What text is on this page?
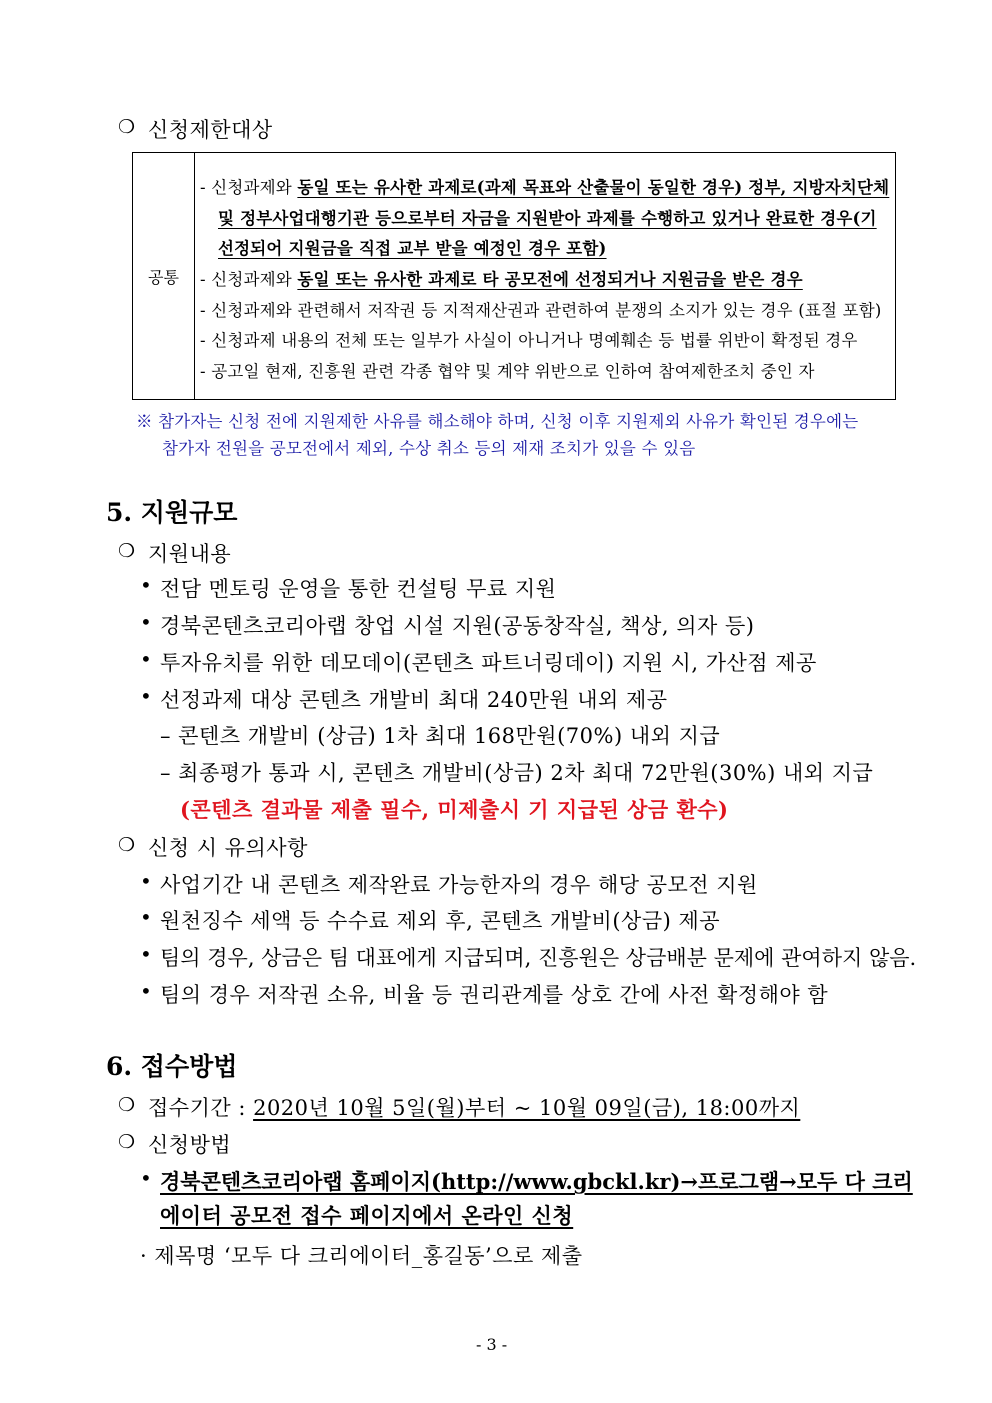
❍ 신청제한대상
공통
- 신청과제와 동일 또는 유사한 과제로(과제 목표와 산출물이 동일한 경우) 정부, 지방자치단체
및 정부사업대행기관 등으로부터 자금을 지원받아 과제를 수행하고 있거나 완료한 경우(기
선정되어 지원금을 직접 교부 받을 예정인 경우 포함)
- 신청과제와 동일 또는 유사한 과제로 타 공모전에 선정되거나 지원금을 받은 경우
- 신청과제와 관련해서 저작권 등 지적재산권과 관련하여 분쟁의 소지가 있는 경우 (표절 포함)
- 신청과제 내용의 전체 또는 일부가 사실이 아니거나 명예훼손 등 법률 위반이 확정된 경우
- 공고일 현재, 진흥원 관련 각종 협약 및 계약 위반으로 인하여 참여제한조치 중인 자
※ 참가자는 신청 전에 지원제한 사유를 해소해야 하며, 신청 이후 지원제외 사유가 확인된 경우에는
참가자 전원을 공모전에서 제외, 수상 취소 등의 제재 조치가 있을 수 있음
5. 지원규모
❍ 지원내용
• 전담 멘토링 운영을 통한 컨설팅 무료 지원
• 경북콘텐츠코리아랩 창업 시설 지원(공동창작실, 책상, 의자 등)
• 투자유치를 위한 데모데이(콘텐츠 파트너링데이) 지원 시, 가산점 제공
• 선정과제 대상 콘텐츠 개발비 최대 240만원 내외 제공
– 콘텐츠 개발비 (상금) 1차 최대 168만원(70%) 내외 지급
– 최종평가 통과 시, 콘텐츠 개발비(상금) 2차 최대 72만원(30%) 내외 지급
(콘텐츠 결과물 제출 필수, 미제출시 기 지급된 상금 환수)
❍ 신청 시 유의사항
• 사업기간 내 콘텐츠 제작완료 가능한자의 경우 해당 공모전 지원
• 원천징수 세액 등 수수료 제외 후, 콘텐츠 개발비(상금) 제공
• 팀의 경우, 상금은 팀 대표에게 지급되며, 진흥원은 상금배분 문제에 관여하지 않음.
• 팀의 경우 저작권 소유, 비율 등 권리관계를 상호 간에 사전 확정해야 함
6. 접수방법
❍ 접수기간 : 2020년 10월 5일(월)부터 ~ 10월 09일(금), 18:00까지
❍ 신청방법
• 경북콘텐츠코리아랩 홈페이지(http://www.gbckl.kr)→프로그램→모두 다 크리
에이터 공모전 접수 페이지에서 온라인 신청
· 제목명 ‘모두 다 크리에이터_홍길동’으로 제출
- 3 -
